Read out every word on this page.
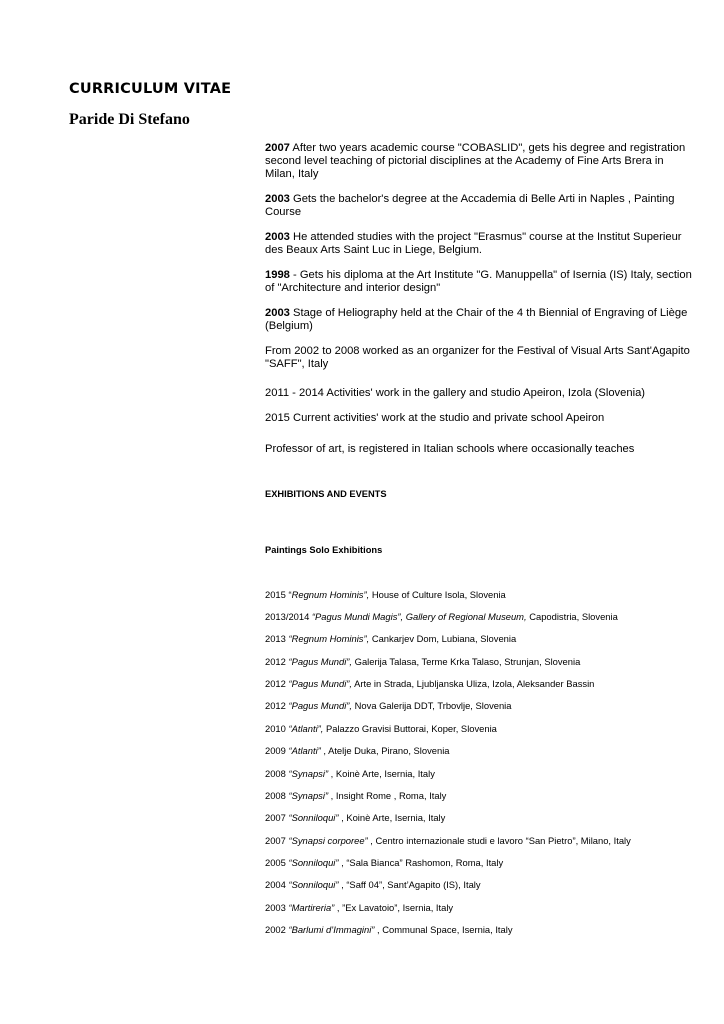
CURRICULUM VITAE
Paride Di Stefano

2007 After two years academic course "COBASLID", gets his degree and registration second level teaching of pictorial disciplines at the Academy of Fine Arts Brera in Milan, Italy

2003 Gets the bachelor's degree at the Accademia di Belle Arti in Naples , Painting Course

2003 He attended studies with the project "Erasmus" course at the Institut Superieur des Beaux Arts Saint Luc in Liege, Belgium.

1998 - Gets his diploma at the Art Institute "G. Manuppella" of Isernia (IS) Italy, section of "Architecture and interior design"

2003 Stage of Heliography held at the Chair of the 4 th Biennial of Engraving of Liège (Belgium)

From 2002 to 2008 worked as an organizer for the Festival of Visual Arts Sant'Agapito "SAFF", Italy

2011 - 2014 Activities' work in the gallery and studio Apeiron, Izola (Slovenia)

2015 Current activities' work at the studio and private school Apeiron

Professor of art, is registered in Italian schools where occasionally teaches

EXHIBITIONS AND EVENTS
Paintings Solo Exhibitions
2015 “Regnum Hominis”, House of Culture Isola, Slovenia
2013/2014 “Pagus Mundi Magis”, Gallery of Regional Museum, Capodistria, Slovenia
2013 “Regnum Hominis”, Cankarjev Dom, Lubiana, Slovenia
2012 “Pagus Mundi”, Galerija Talasa, Terme Krka Talaso, Strunjan, Slovenia
2012 “Pagus Mundi”, Arte in Strada, Ljubljanska Uliza, Izola, Aleksander Bassin
2012 “Pagus Mundi”, Nova Galerija DDT, Trbovlje, Slovenia
2010 “Atlanti”, Palazzo Gravisi Buttorai, Koper, Slovenia
2009 “Atlanti” , Atelje Duka, Pirano, Slovenia
2008 “Synapsi” , Koinè Arte, Isernia, Italy
2008 “Synapsi” , Insight Rome , Roma, Italy
2007 “Sonniloqui” , Koinè Arte, Isernia, Italy
2007 “Synapsi corporee” , Centro internazionale studi e lavoro “San Pietro”, Milano, Italy
2005 “Sonniloqui” , “Sala Bianca” Rashomon, Roma, Italy
2004 “Sonniloqui” , “Saff 04”, Sant’Agapito (IS), Italy
2003 “Martireria” , ”Ex Lavatoio”, Isernia, Italy
2002 “Barlumi d’Immagini” , Communal Space, Isernia, Italy
